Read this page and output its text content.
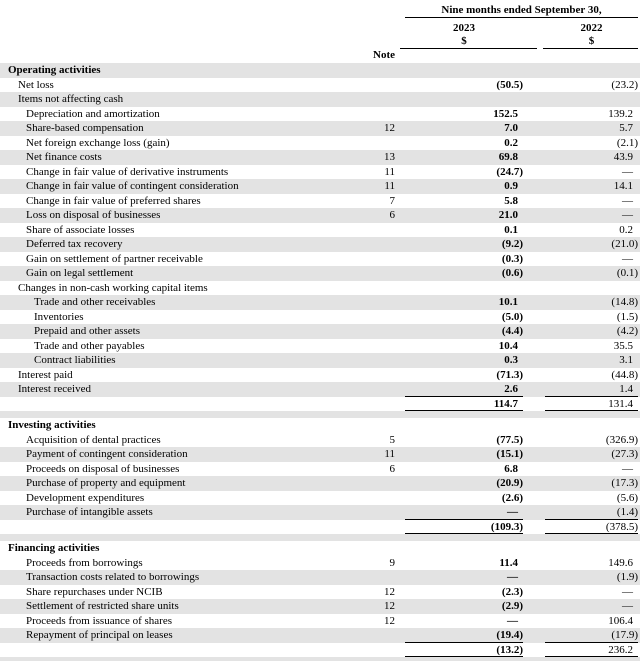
Nine months ended September 30,
2023	2022
$	$
Note
Operating activities
Net loss	(50.5)	(23.2)
Items not affecting cash
Depreciation and amortization	152.5	139.2
Share-based compensation	12	7.0	5.7
Net foreign exchange loss (gain)	0.2	(2.1)
Net finance costs	13	69.8	43.9
Change in fair value of derivative instruments	11	(24.7)	—
Change in fair value of contingent consideration	11	0.9	14.1
Change in fair value of preferred shares	7	5.8	—
Loss on disposal of businesses	6	21.0	—
Share of associate losses	0.1	0.2
Deferred tax recovery	(9.2)	(21.0)
Gain on settlement of partner receivable	(0.3)	—
Gain on legal settlement	(0.6)	(0.1)
Changes in non-cash working capital items
Trade and other receivables	10.1	(14.8)
Inventories	(5.0)	(1.5)
Prepaid and other assets	(4.4)	(4.2)
Trade and other payables	10.4	35.5
Contract liabilities	0.3	3.1
Interest paid	(71.3)	(44.8)
Interest received	2.6	1.4
114.7	131.4
Investing activities
Acquisition of dental practices	5	(77.5)	(326.9)
Payment of contingent consideration	11	(15.1)	(27.3)
Proceeds on disposal of businesses	6	6.8	—
Purchase of property and equipment	(20.9)	(17.3)
Development expenditures	(2.6)	(5.6)
Purchase of intangible assets	—	(1.4)
(109.3)	(378.5)
Financing activities
Proceeds from borrowings	9	11.4	149.6
Transaction costs related to borrowings	—	(1.9)
Share repurchases under NCIB	12	(2.3)	—
Settlement of restricted share units	12	(2.9)	—
Proceeds from issuance of shares	12	—	106.4
Repayment of principal on leases	(19.4)	(17.9)
(13.2)	236.2
